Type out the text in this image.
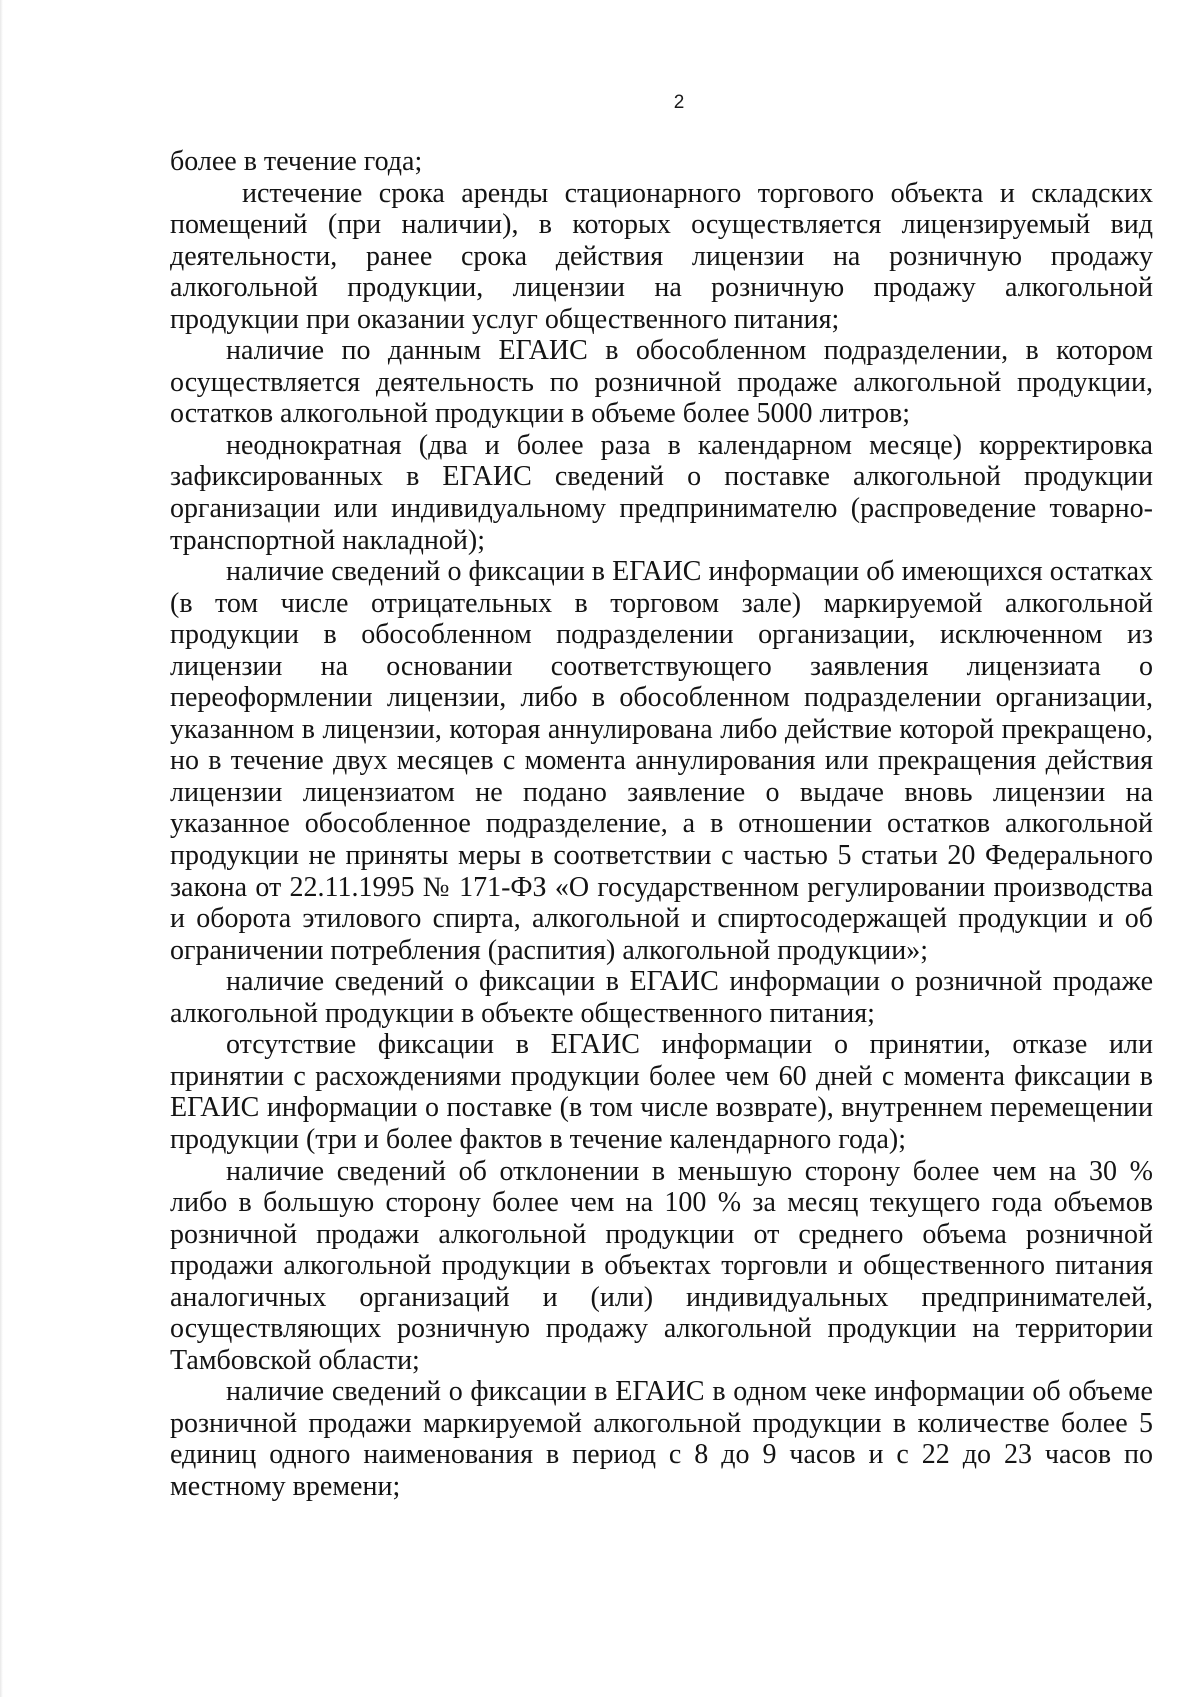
2

более в течение года;

истечение срока аренды стационарного торгового объекта и складских помещений (при наличии), в которых осуществляется лицензируемый вид деятельности, ранее срока действия лицензии на розничную продажу алкогольной продукции, лицензии на розничную продажу алкогольной продукции при оказании услуг общественного питания;

наличие по данным ЕГАИС в обособленном подразделении, в котором осуществляется деятельность по розничной продаже алкогольной продукции, остатков алкогольной продукции в объеме более 5000 литров;

неоднократная (два и более раза в календарном месяце) корректировка зафиксированных в ЕГАИС сведений о поставке алкогольной продукции организации или индивидуальному предпринимателю (распроведение товарно-транспортной накладной);

наличие сведений о фиксации в ЕГАИС информации об имеющихся остатках (в том числе отрицательных в торговом зале) маркируемой алкогольной продукции в обособленном подразделении организации, исключенном из лицензии на основании соответствующего заявления лицензиата о переоформлении лицензии, либо в обособленном подразделении организации, указанном в лицензии, которая аннулирована либо действие которой прекращено, но в течение двух месяцев с момента аннулирования или прекращения действия лицензии лицензиатом не подано заявление о выдаче вновь лицензии на указанное обособленное подразделение, а в отношении остатков алкогольной продукции не приняты меры в соответствии с частью 5 статьи 20 Федерального закона от 22.11.1995 № 171-ФЗ «О государственном регулировании производства и оборота этилового спирта, алкогольной и спиртосодержащей продукции и об ограничении потребления (распития) алкогольной продукции»;

наличие сведений о фиксации в ЕГАИС информации о розничной продаже алкогольной продукции в объекте общественного питания;

отсутствие фиксации в ЕГАИС информации о принятии, отказе или принятии с расхождениями продукции более чем 60 дней с момента фиксации в ЕГАИС информации о поставке (в том числе возврате), внутреннем перемещении продукции (три и более фактов в течение календарного года);

наличие сведений об отклонении в меньшую сторону более чем на 30 % либо в большую сторону более чем на 100 % за месяц текущего года объемов розничной продажи алкогольной продукции от среднего объема розничной продажи алкогольной продукции в объектах торговли и общественного питания аналогичных организаций и (или) индивидуальных предпринимателей, осуществляющих розничную продажу алкогольной продукции на территории Тамбовской области;

наличие сведений о фиксации в ЕГАИС в одном чеке информации об объеме розничной продажи маркируемой алкогольной продукции в количестве более 5 единиц одного наименования в период с 8 до 9 часов и с 22 до 23 часов по местному времени;
